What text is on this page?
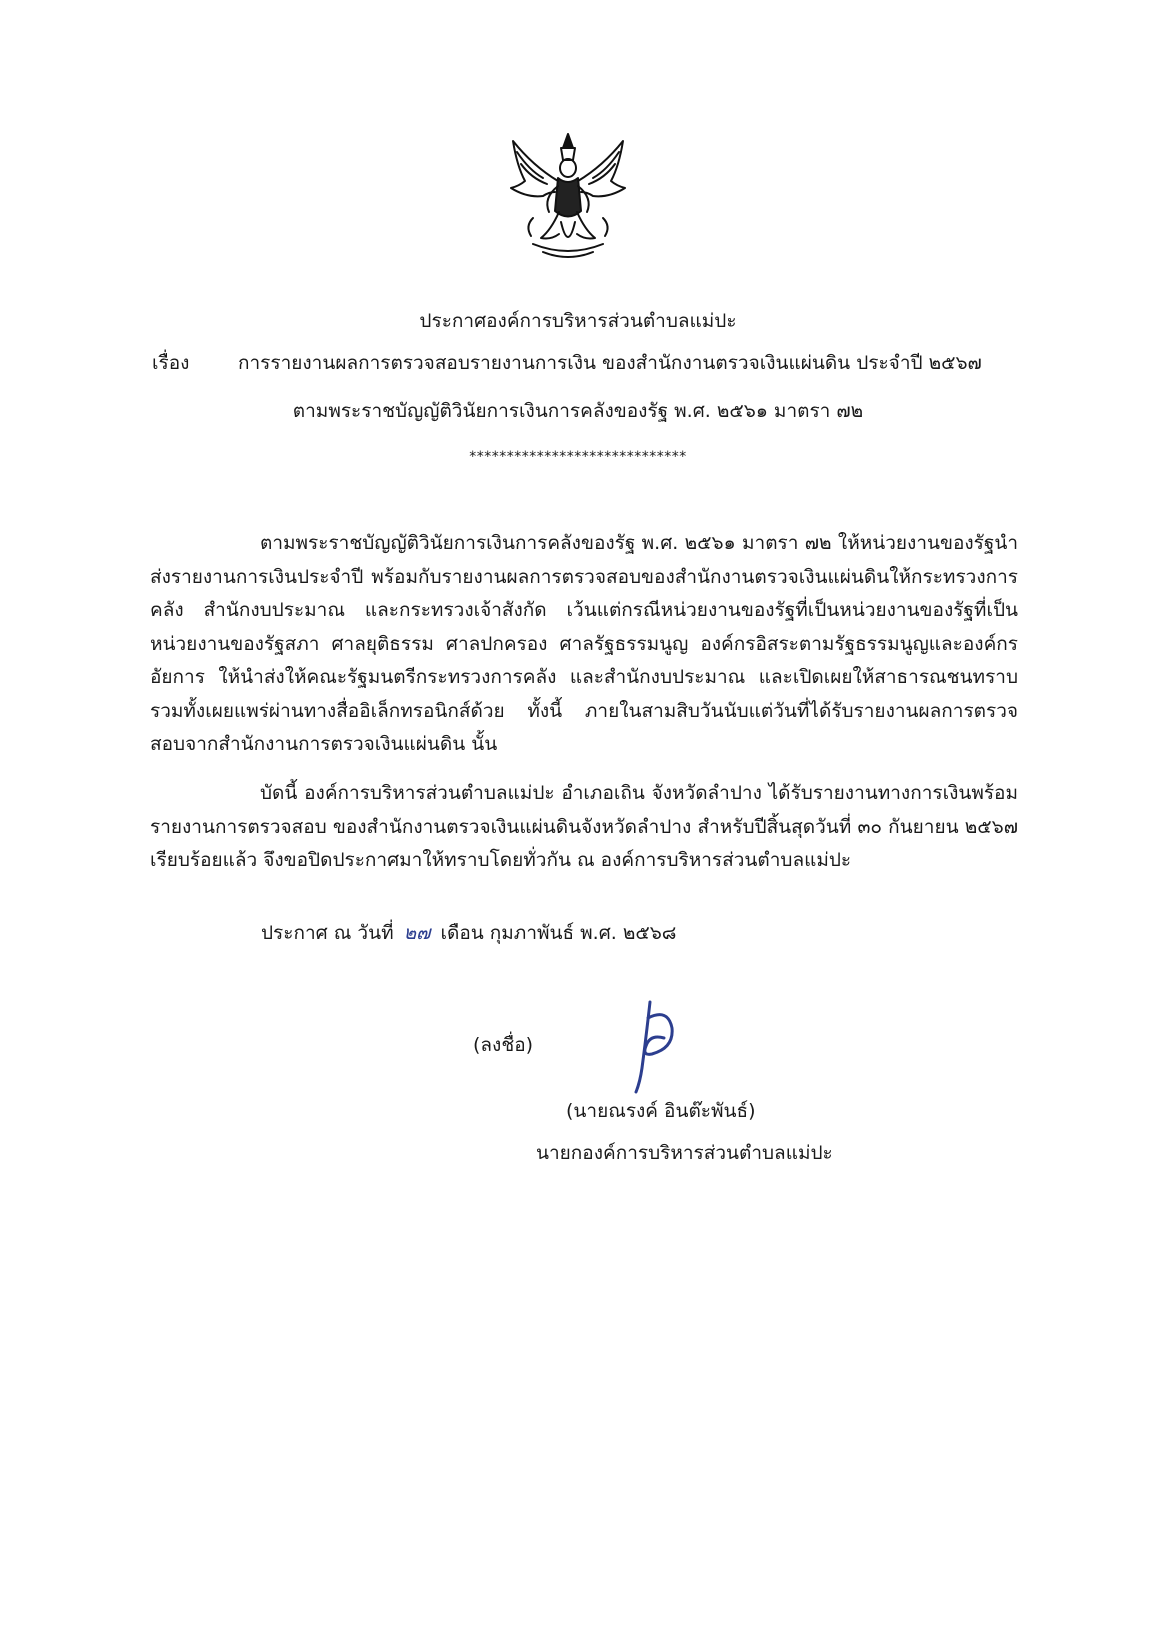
ประกาศองค์การบริหารส่วนตำบลแม่ปะ
เรื่อง	การรายงานผลการตรวจสอบรายงานการเงิน ของสำนักงานตรวจเงินแผ่นดิน ประจำปี ๒๕๖๗
ตามพระราชบัญญัติวินัยการเงินการคลังของรัฐ พ.ศ. ๒๕๖๑ มาตรา ๗๒
*****************************
ตามพระราชบัญญัติวินัยการเงินการคลังของรัฐ พ.ศ. ๒๕๖๑ มาตรา ๗๒ ให้หน่วยงานของรัฐนำส่งรายงานการเงินประจำปี พร้อมกับรายงานผลการตรวจสอบของสำนักงานตรวจเงินแผ่นดินให้กระทรวงการคลัง สำนักงบประมาณ และกระทรวงเจ้าสังกัด เว้นแต่กรณีหน่วยงานของรัฐที่เป็นหน่วยงานของรัฐที่เป็นหน่วยงานของรัฐสภา ศาลยุติธรรม ศาลปกครอง ศาลรัฐธรรมนูญ องค์กรอิสระตามรัฐธรรมนูญและองค์กรอัยการ ให้นำส่งให้คณะรัฐมนตรีกระทรวงการคลัง และสำนักงบประมาณ และเปิดเผยให้สาธารณชนทราบ รวมทั้งเผยแพร่ผ่านทางสื่ออิเล็กทรอนิกส์ด้วย ทั้งนี้ ภายในสามสิบวันนับแต่วันที่ได้รับรายงานผลการตรวจสอบจากสำนักงานการตรวจเงินแผ่นดิน นั้น
บัดนี้ องค์การบริหารส่วนตำบลแม่ปะ อำเภอเถิน จังหวัดลำปาง ได้รับรายงานทางการเงินพร้อมรายงานการตรวจสอบ ของสำนักงานตรวจเงินแผ่นดินจังหวัดลำปาง สำหรับปีสิ้นสุดวันที่ ๓๐ กันยายน ๒๕๖๗ เรียบร้อยแล้ว จึงขอปิดประกาศมาให้ทราบโดยทั่วกัน ณ องค์การบริหารส่วนตำบลแม่ปะ
ประกาศ ณ วันที่ ๒๗ เดือน กุมภาพันธ์ พ.ศ. ๒๕๖๘
(ลงชื่อ)
(นายณรงค์ อินต๊ะพันธ์)
นายกองค์การบริหารส่วนตำบลแม่ปะ
